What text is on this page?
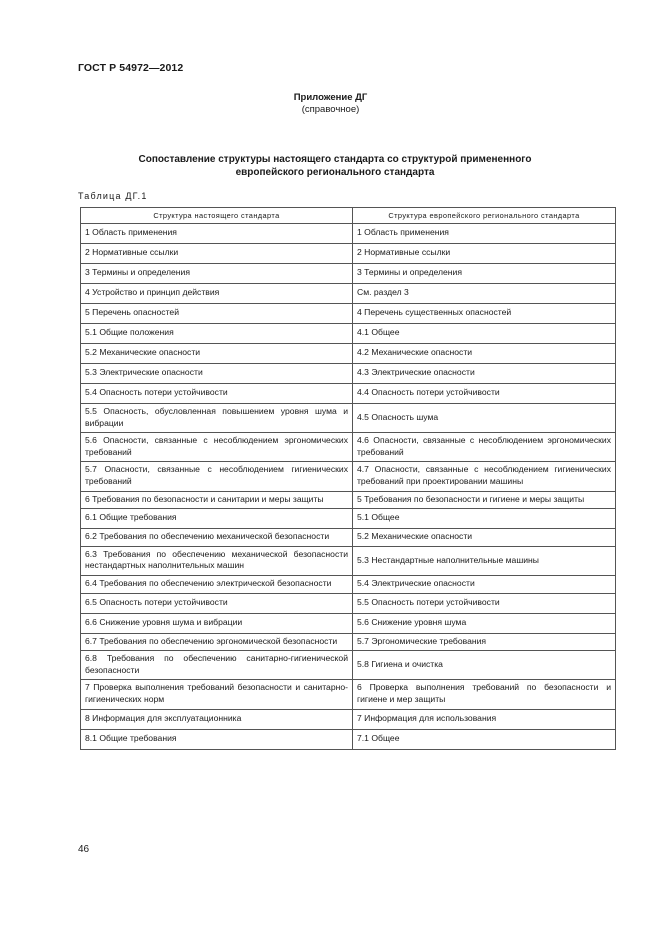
ГОСТ Р 54972—2012
Приложение ДГ
(справочное)
Сопоставление структуры настоящего стандарта со структурой примененного
европейского регионального стандарта
Таблица ДГ.1
Структура настоящего стандарта	Структура европейского регионального стандарта
1 Область применения	1 Область применения
2 Нормативные ссылки	2 Нормативные ссылки
3 Термины и определения	3 Термины и определения
4 Устройство и принцип действия	См. раздел 3
5 Перечень опасностей	4 Перечень существенных опасностей
5.1 Общие положения	4.1 Общее
5.2 Механические опасности	4.2 Механические опасности
5.3 Электрические опасности	4.3 Электрические опасности
5.4 Опасность потери устойчивости	4.4 Опасность потери устойчивости
5.5 Опасность, обусловленная повышением уровня шума и вибрации	4.5 Опасность шума
5.6 Опасности, связанные с несоблюдением эргономических требований	4.6 Опасности, связанные с несоблюдением эргономических требований
5.7 Опасности, связанные с несоблюдением гигиенических требований	4.7 Опасности, связанные с несоблюдением гигиенических требований при проектировании машины
6 Требования по безопасности и санитарии и меры защиты	5 Требования по безопасности и гигиене и меры защиты
6.1 Общие требования	5.1 Общее
6.2 Требования по обеспечению механической безопасности	5.2 Механические опасности
6.3 Требования по обеспечению механической безопасности нестандартных наполнительных машин	5.3 Нестандартные наполнительные машины
6.4 Требования по обеспечению электрической безопасности	5.4 Электрические опасности
6.5 Опасность потери устойчивости	5.5 Опасность потери устойчивости
6.6 Снижение уровня шума и вибрации	5.6 Снижение уровня шума
6.7 Требования по обеспечению эргономической безопасности	5.7 Эргономические требования
6.8 Требования по обеспечению санитарно-гигиенической безопасности	5.8 Гигиена и очистка
7 Проверка выполнения требований безопасности и санитарно-гигиенических норм	6 Проверка выполнения требований по безопасности и гигиене и мер защиты
8 Информация для эксплуатационника	7 Информация для использования
8.1 Общие требования	7.1 Общее
46
